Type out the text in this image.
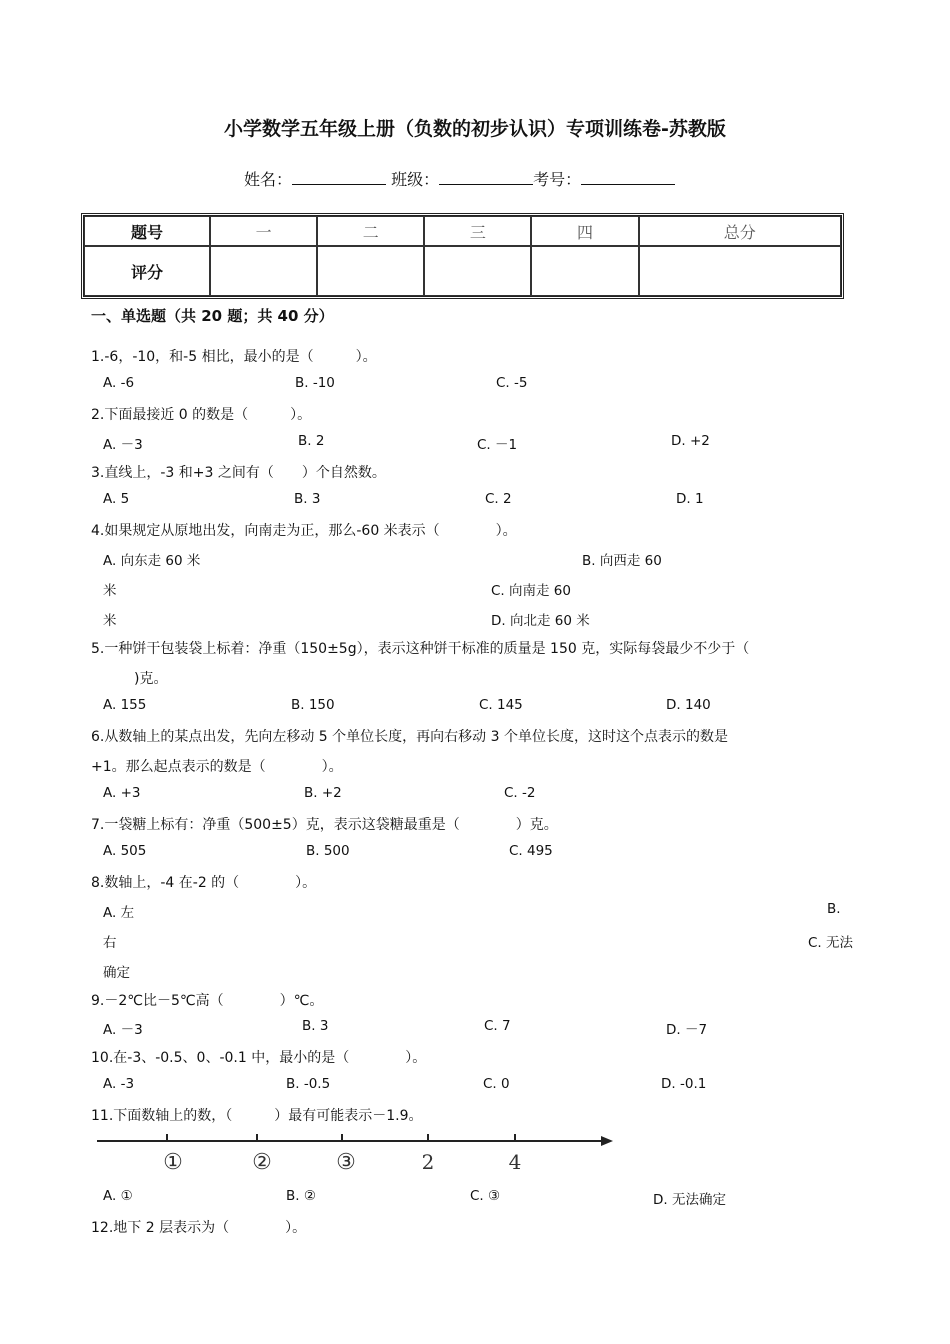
小学数学五年级上册（负数的初步认识）专项训练卷-苏教版
姓名：	班级：	考号：
题号	一	二	三	四	总分
评分					
一、单选题（共 20 题；共 40 分）
1.-6，-10，和-5 相比，最小的是（　　　）。
A. -6	B. -10	C. -5
2.下面最接近 0 的数是（　　　）。
A. －3	B. 2	C. －1	D. +2
3.直线上，-3 和+3 之间有（　　）个自然数。
A. 5	B. 3	C. 2	D. 1
4.如果规定从原地出发，向南走为正，那么-60 米表示（　　　　）。
A. 向东走 60 米	B. 向西走 60
米	C. 向南走 60
米	D. 向北走 60 米
5.一种饼干包装袋上标着：净重（150±5g），表示这种饼干标准的质量是 150 克，实际每袋最少不少于（
)克。
A. 155	B. 150	C. 145	D. 140
6.从数轴上的某点出发，先向左移动 5 个单位长度，再向右移动 3 个单位长度，这时这个点表示的数是
+1。那么起点表示的数是（　　　　）。
A. +3	B. +2	C. -2
7.一袋糖上标有：净重（500±5）克，表示这袋糖最重是（　　　　）克。
A. 505	B. 500	C. 495
8.数轴上，-4 在-2 的（　　　　）。
A. 左	B.
右	C. 无法
确定
9.－2℃比－5℃高（　　　　）℃。
A. －3	B. 3	C. 7	D. －7
10.在-3、-0.5、0、-0.1 中，最小的是（　　　　）。
A. -3	B. -0.5	C. 0	D. -0.1
11.下面数轴上的数，（　　　）最有可能表示－1.9。
①	②	③	2	4
A. ①	B. ②	C. ③	D. 无法确定
12.地下 2 层表示为（　　　　）。
